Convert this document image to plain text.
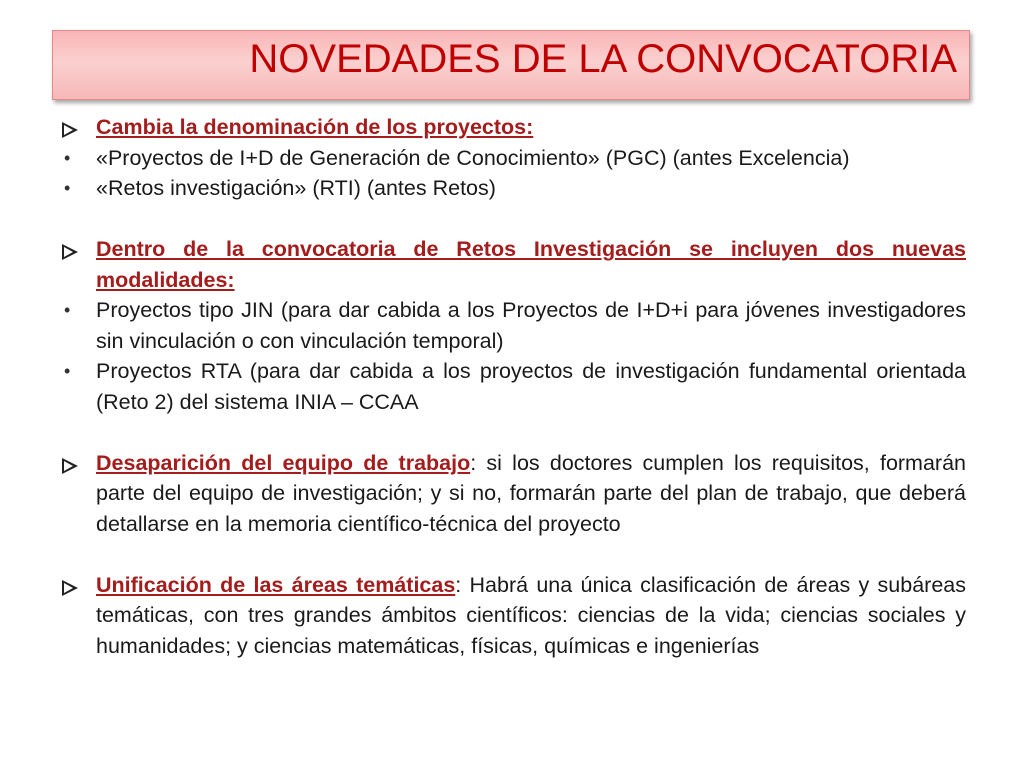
NOVEDADES DE LA CONVOCATORIA
Cambia la denominación de los proyectos:
•	«Proyectos de I+D de Generación de Conocimiento» (PGC) (antes Excelencia)
•	«Retos investigación» (RTI) (antes Retos)
Dentro de la convocatoria de Retos Investigación se incluyen dos nuevas modalidades:
•	Proyectos tipo JIN (para dar cabida a los Proyectos de I+D+i para jóvenes investigadores sin vinculación o con vinculación temporal)
•	Proyectos RTA (para dar cabida a los proyectos de investigación fundamental orientada (Reto 2) del sistema INIA – CCAA
Desaparición del equipo de trabajo: si los doctores cumplen los requisitos, formarán parte del equipo de investigación; y si no, formarán parte del plan de trabajo, que deberá detallarse en la memoria científico-técnica del proyecto
Unificación de las áreas temáticas: Habrá una única clasificación de áreas y subáreas temáticas, con tres grandes ámbitos científicos: ciencias de la vida; ciencias sociales y humanidades; y ciencias matemáticas, físicas, químicas e ingenierías
